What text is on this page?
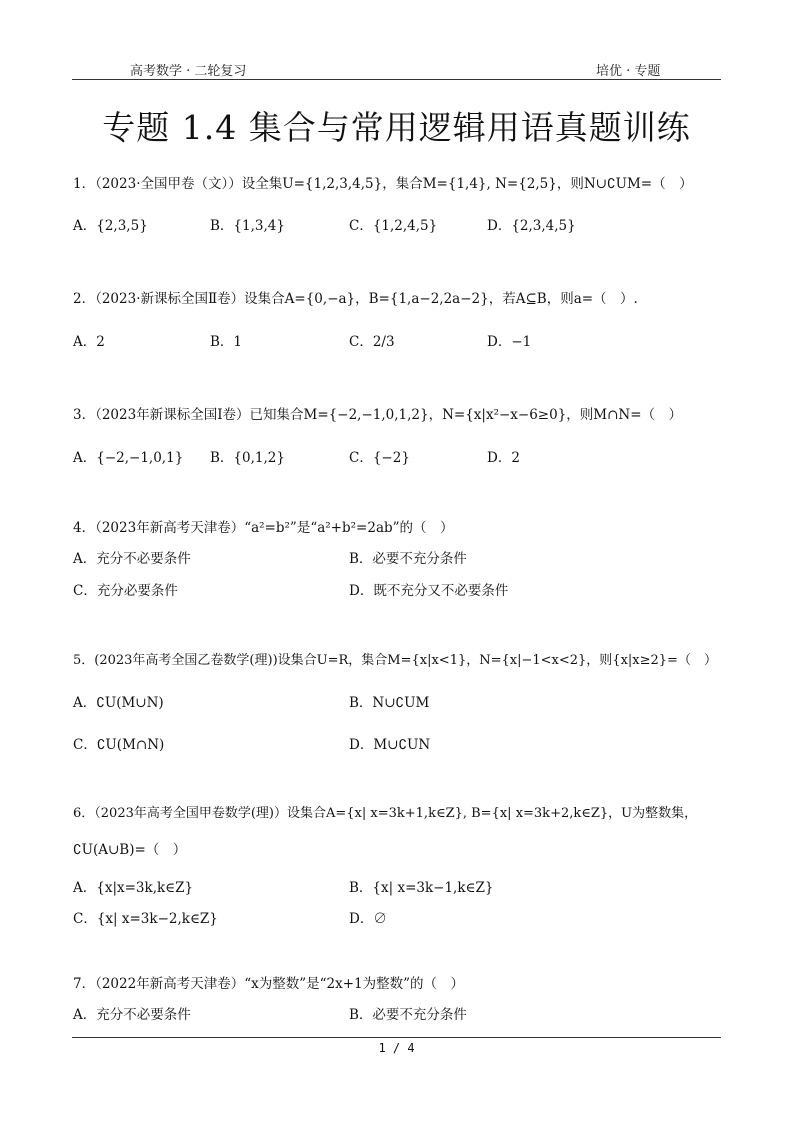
高考数学 · 二轮复习	培优 · 专题
专题 1.4 集合与常用逻辑用语真题训练
1．（2023·全国甲卷（文））设全集U={1,2,3,4,5}，集合M={1,4}, N={2,5}，则N∪∁UM=（　）
A．{2,3,5}	B．{1,3,4}	C．{1,2,4,5}	D．{2,3,4,5}
2．（2023·新课标全国Ⅱ卷）设集合A={0,−a}，B={1,a−2,2a−2}，若A⊆B，则a=（　）.
A．2	B．1	C．2/3	D．−1
3．（2023年新课标全国Ⅰ卷）已知集合M={−2,−1,0,1,2}，N={x|x²−x−6≥0}，则M∩N=（　）
A．{−2,−1,0,1} B．{0,1,2}	C．{−2}	D．2
4．（2023年新高考天津卷）“a²=b²”是“a²+b²=2ab”的（　）
A．充分不必要条件	B．必要不充分条件
C．充分必要条件	D．既不充分又不必要条件
5．(2023年高考全国乙卷数学(理))设集合U=R，集合M={x|x<1}，N={x|−1<x<2}，则{x|x≥2}=（　）
A．∁U(M∪N)	B．N∪∁UM
C．∁U(M∩N)	D．M∪∁UN
6．（2023年高考全国甲卷数学(理)）设集合A={x| x=3k+1,k∈Z}, B={x| x=3k+2,k∈Z}，U为整数集，
∁U(A∪B)=（　）
A．{x|x=3k,k∈Z}	B．{x| x=3k−1,k∈Z}
C．{x| x=3k−2,k∈Z}	D．∅
7．（2022年新高考天津卷）“x为整数”是“2x+1为整数”的（　）
A．充分不必要条件	B．必要不充分条件
1 / 4
